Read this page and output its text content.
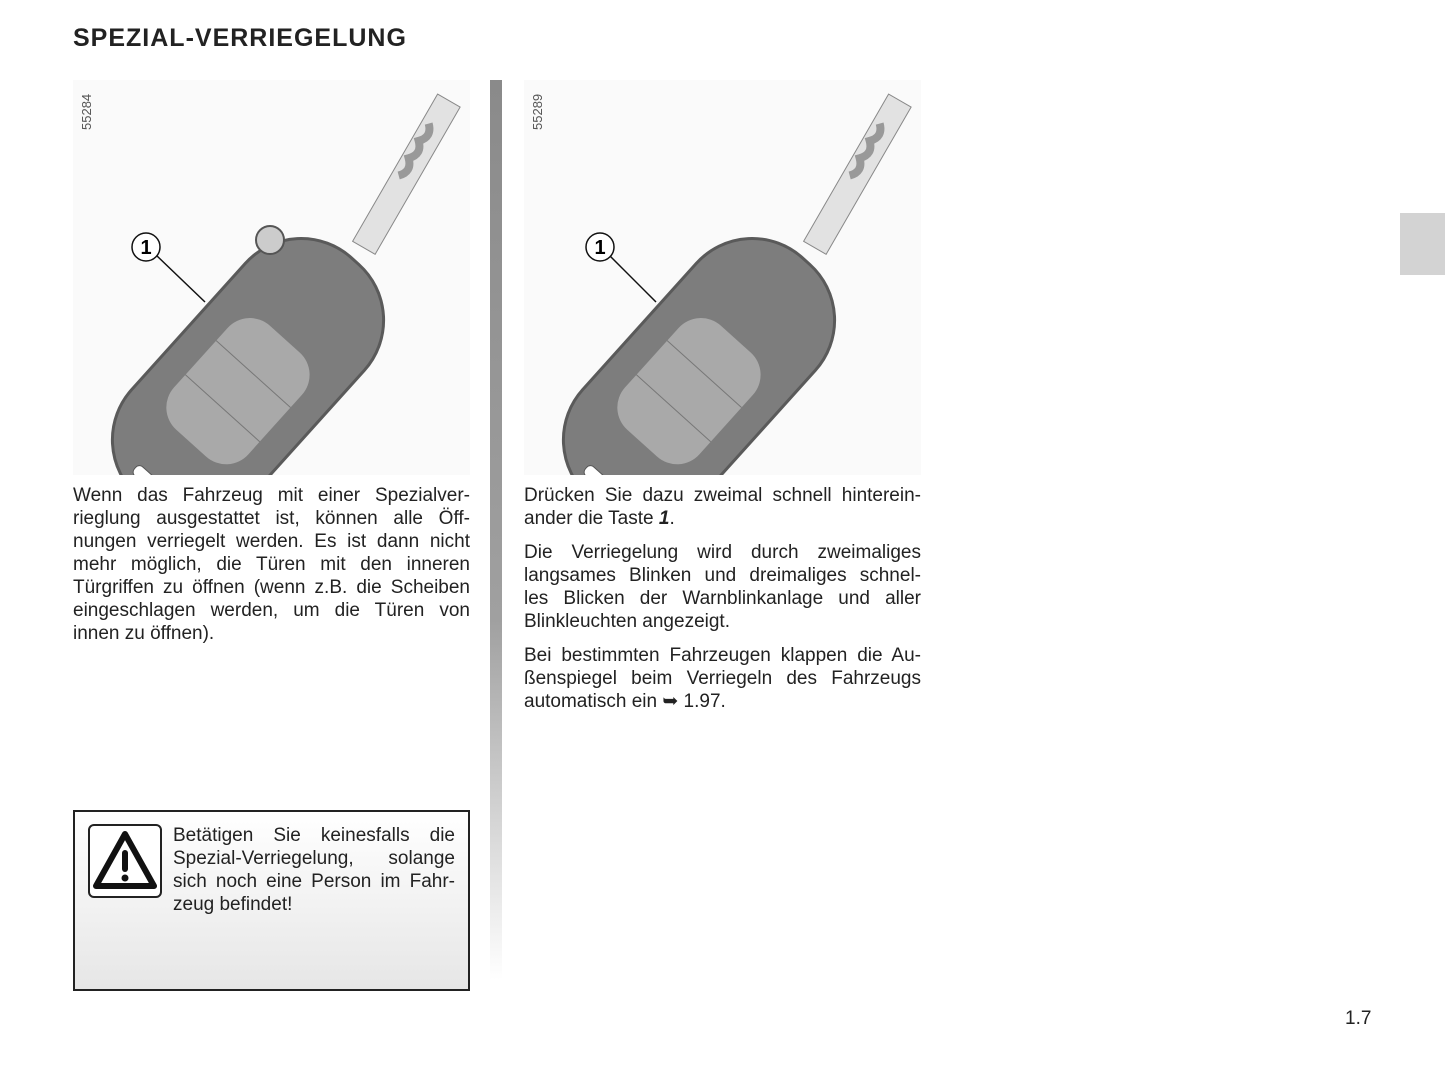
SPEZIAL-VERRIEGELUNG
1
55284
1
55289
Wenn das Fahrzeug mit einer Spezialver-
rieglung ausgestattet ist, können alle Öff-
nungen verriegelt werden. Es ist dann nicht
mehr möglich, die Türen mit den inneren
Türgriffen zu öffnen (wenn z.B. die Scheiben
eingeschlagen werden, um die Türen von
innen zu öffnen).
Drücken Sie dazu zweimal schnell hinterein-
ander die Taste 1.
Die Verriegelung wird durch zweimaliges
langsames Blinken und dreimaliges schnel-
les Blicken der Warnblinkanlage und aller
Blinkleuchten angezeigt.
Bei bestimmten Fahrzeugen klappen die Au-
ßenspiegel beim Verriegeln des Fahrzeugs
automatisch ein ➥ 1.97.
Betätigen Sie keinesfalls die
Spezial-Verriegelung, solange
sich noch eine Person im Fahr-
zeug befindet!
1.7
